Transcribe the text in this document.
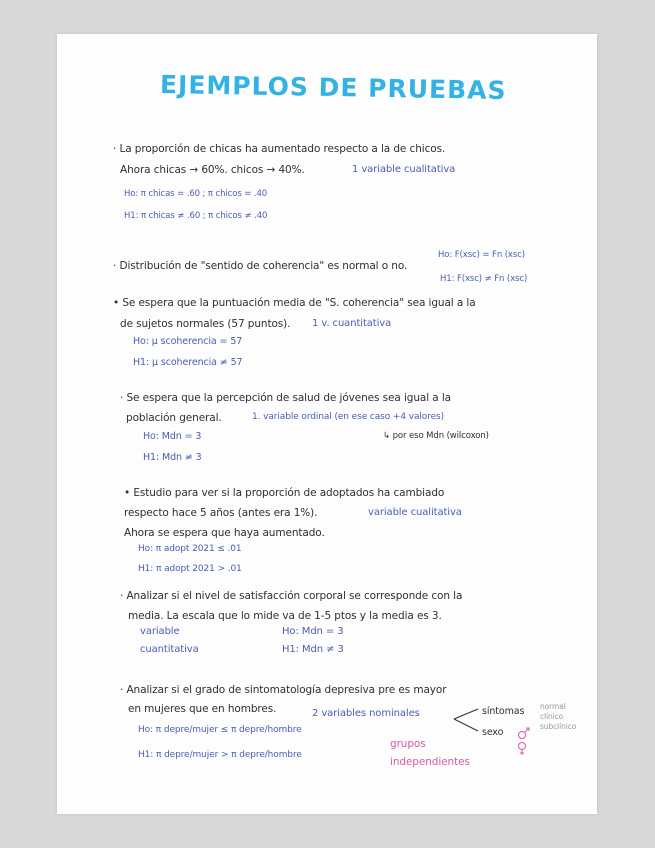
EJEMPLOS DE PRUEBAS
· La proporción de chicas ha aumentado respecto a la de chicos.
Ahora chicas → 60%. chicos → 40%.	1 variable cualitativa
Ho: π chicas = .60 ; π chicos = .40
H1: π chicas ≠ .60 ; π chicos ≠ .40
· Distribución de "sentido de coherencia" es normal o no.
Ho: F(xsc) = Fn (xsc)
H1: F(xsc) ≠ Fn (xsc)
• Se espera que la puntuación media de "S. coherencia" sea igual a la
de sujetos normales (57 puntos). 1 v. cuantitativa
Ho: μ scoherencia = 57
H1: μ scoherencia ≠ 57
· Se espera que la percepción de salud de jóvenes sea igual a la
población general.	1. variable ordinal (en ese caso +4 valores)
↳ por eso Mdn (wilcoxon)
Ho: Mdn = 3
H1: Mdn ≠ 3
• Estudio para ver si la proporción de adoptados ha cambiado
respecto hace 5 años (antes era 1%).	variable cualitativa
Ahora se espera que haya aumentado.
Ho: π adopt 2021 ≤ .01
H1: π adopt 2021 > .01
· Analizar si el nivel de satisfacción corporal se corresponde con la
media. La escala que lo mide va de 1-5 ptos y la media es 3.
variable
cuantitativa
Ho: Mdn = 3
H1: Mdn ≠ 3
· Analizar si el grado de sintomatología depresiva pre es mayor
en mujeres que en hombres.	2 variables nominales	síntomas
sexo
normal clínico subclínico
Ho: π depre/mujer ≤ π depre/hombre
H1: π depre/mujer > π depre/hombre
grupos
independientes
